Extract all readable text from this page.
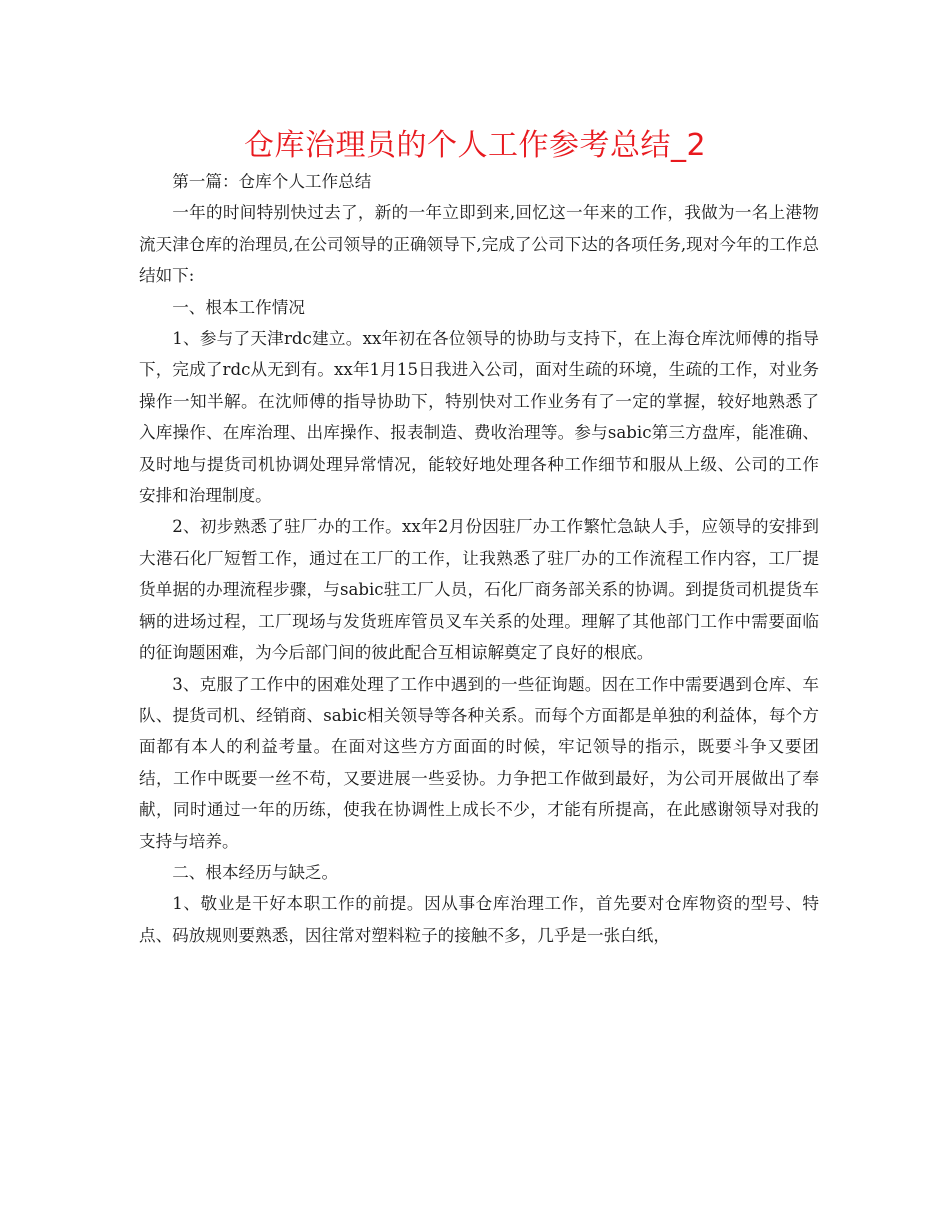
仓库治理员的个人工作参考总结_2

第一篇：仓库个人工作总结

一年的时间特别快过去了，新的一年立即到来,回忆这一年来的工作，我做为一名上港物流天津仓库的治理员,在公司领导的正确领导下,完成了公司下达的各项任务,现对今年的工作总结如下:

一、根本工作情况

1、参与了天津rdc建立。xx年初在各位领导的协助与支持下，在上海仓库沈师傅的指导下，完成了rdc从无到有。xx年1月15日我进入公司，面对生疏的环境，生疏的工作，对业务操作一知半解。在沈师傅的指导协助下，特别快对工作业务有了一定的掌握，较好地熟悉了入库操作、在库治理、出库操作、报表制造、费收治理等。参与sabic第三方盘库，能准确、及时地与提货司机协调处理异常情况，能较好地处理各种工作细节和服从上级、公司的工作安排和治理制度。

2、初步熟悉了驻厂办的工作。xx年2月份因驻厂办工作繁忙急缺人手，应领导的安排到大港石化厂短暂工作，通过在工厂的工作，让我熟悉了驻厂办的工作流程工作内容，工厂提货单据的办理流程步骤，与sabic驻工厂人员，石化厂商务部关系的协调。到提货司机提货车辆的进场过程，工厂现场与发货班库管员叉车关系的处理。理解了其他部门工作中需要面临的征询题困难，为今后部门间的彼此配合互相谅解奠定了良好的根底。

3、克服了工作中的困难处理了工作中遇到的一些征询题。因在工作中需要遇到仓库、车队、提货司机、经销商、sabic相关领导等各种关系。而每个方面都是单独的利益体，每个方面都有本人的利益考量。在面对这些方方面面的时候，牢记领导的指示，既要斗争又要团结，工作中既要一丝不苟，又要进展一些妥协。力争把工作做到最好，为公司开展做出了奉献，同时通过一年的历练，使我在协调性上成长不少，才能有所提高，在此感谢领导对我的支持与培养。

二、根本经历与缺乏。

1、敬业是干好本职工作的前提。因从事仓库治理工作，首先要对仓库物资的型号、特点、码放规则要熟悉，因往常对塑料粒子的接触不多，几乎是一张白纸，
